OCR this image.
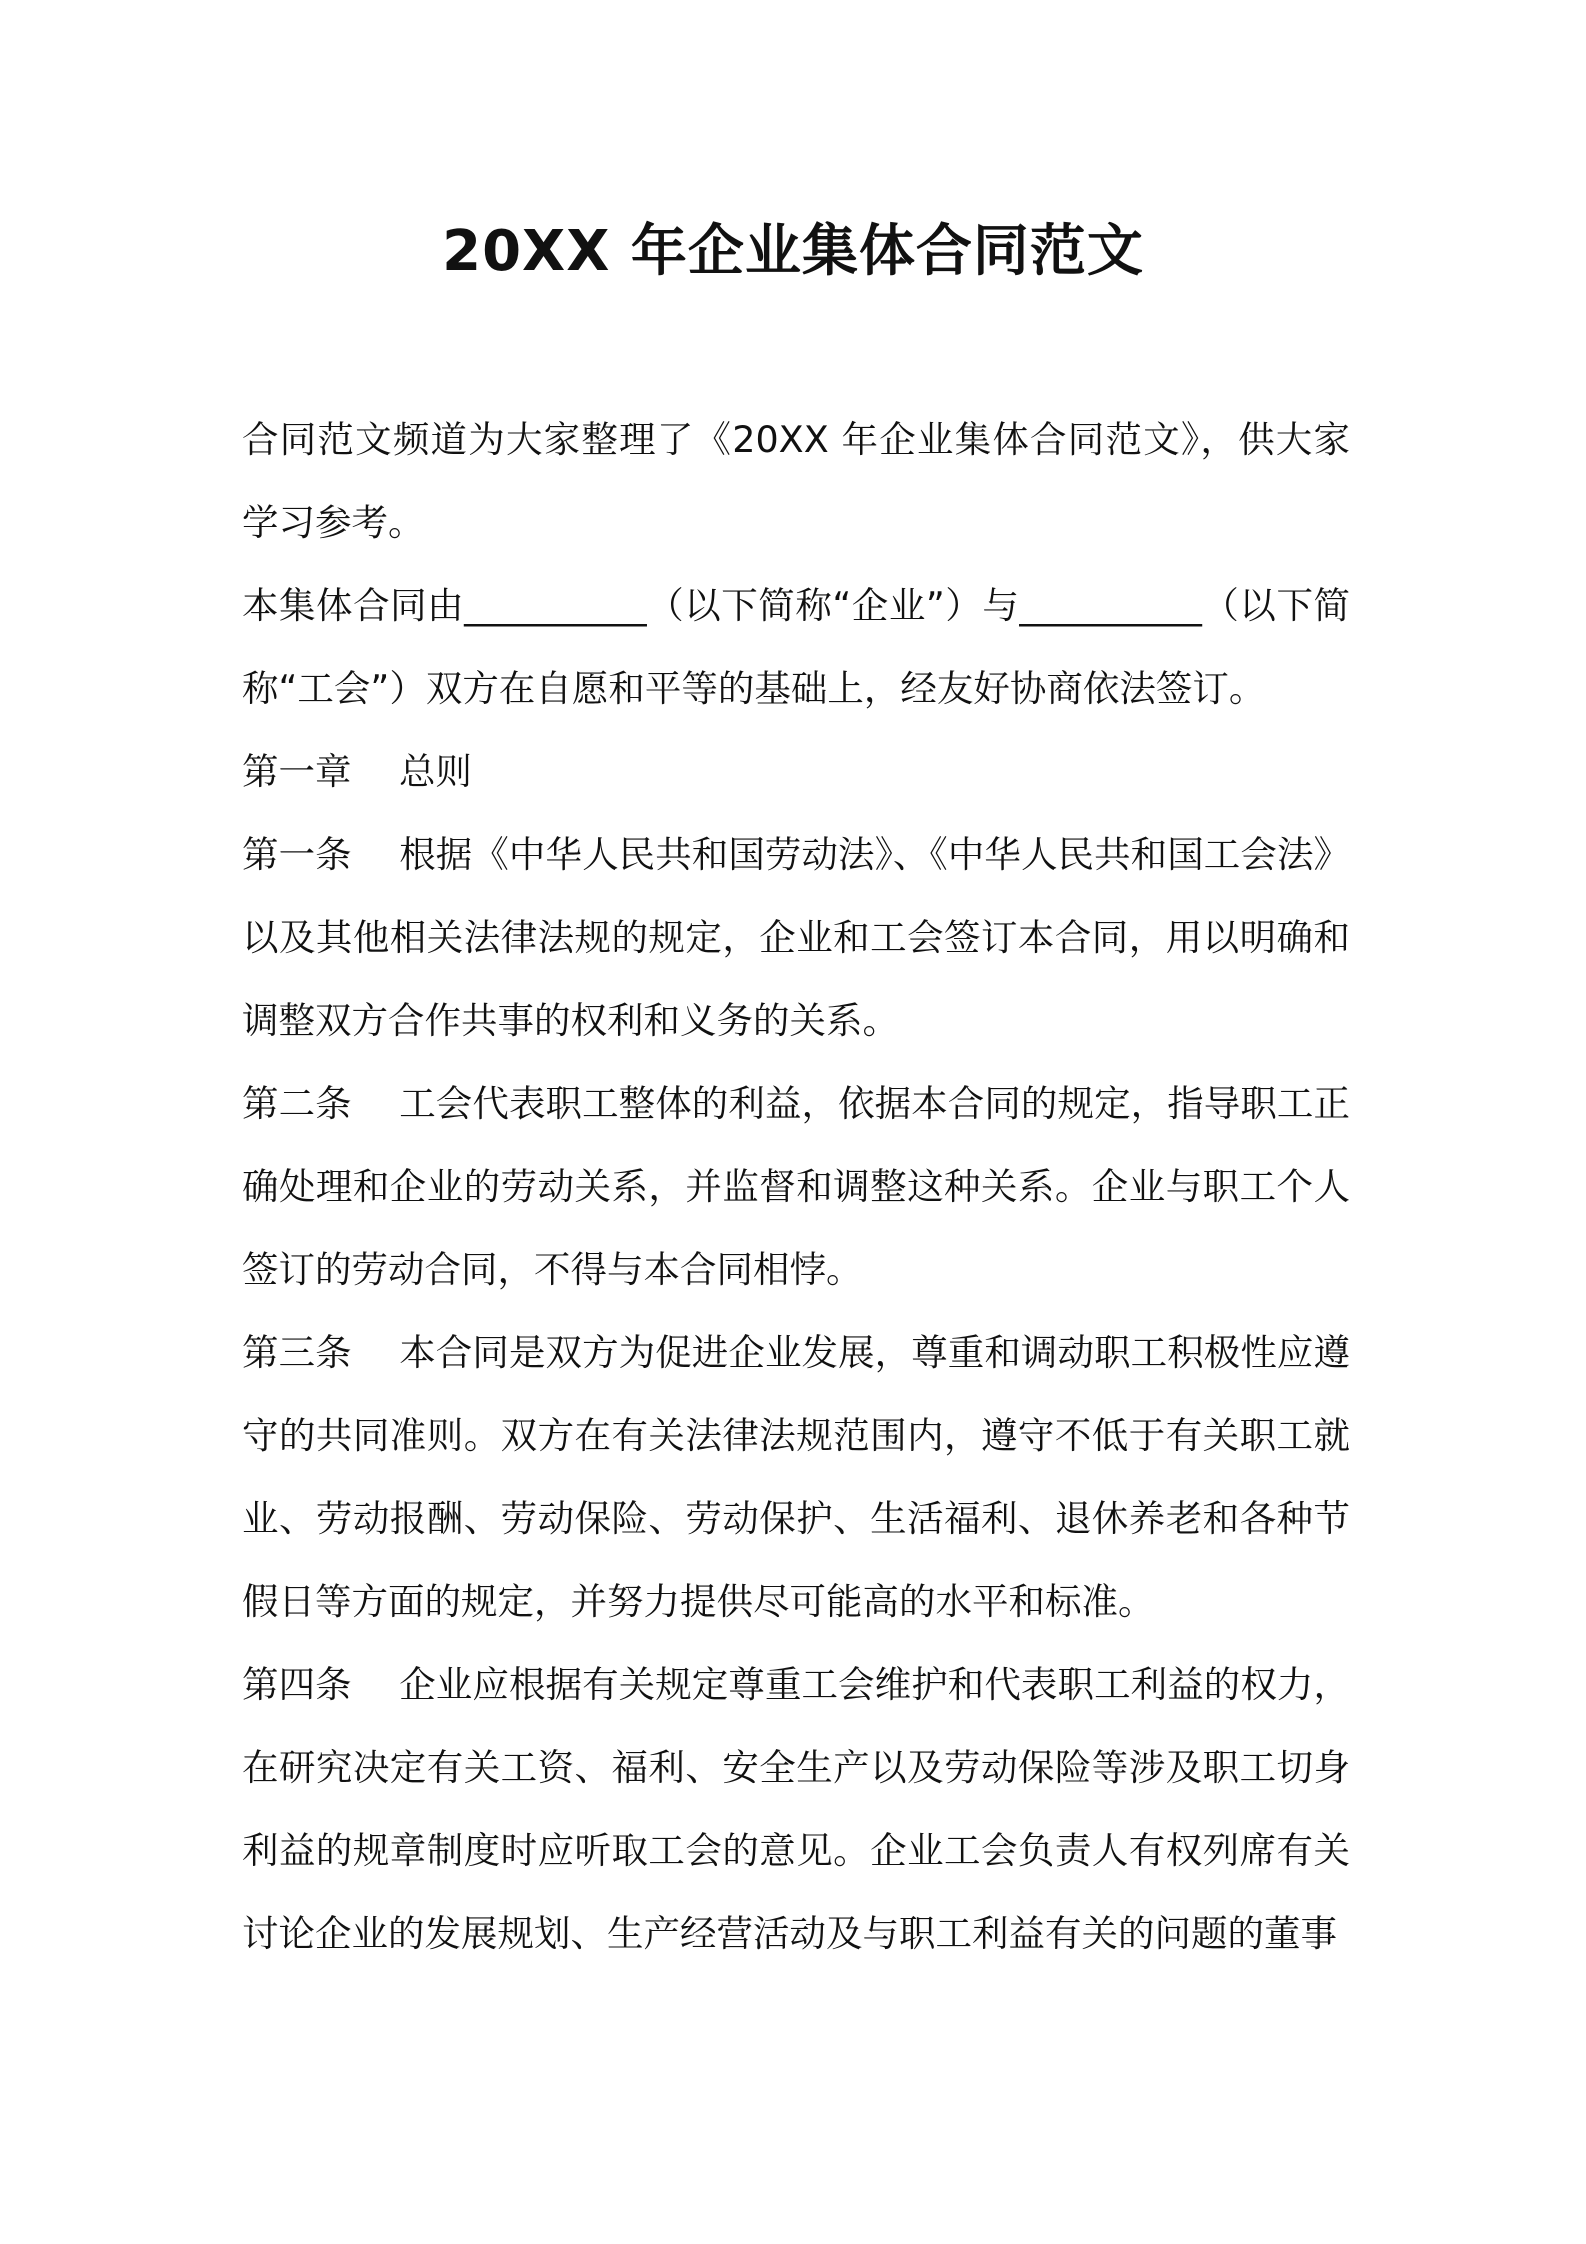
20XX 年企业集体合同范文

合同范文频道为大家整理了《20XX 年企业集体合同范文》，供大家学习参考。

本集体合同由__________（以下简称“企业”）与__________（以下简称“工会”）双方在自愿和平等的基础上，经友好协商依法签订。

第一章 总则

第一条 根据《中华人民共和国劳动法》、《中华人民共和国工会法》以及其他相关法律法规的规定，企业和工会签订本合同，用以明确和调整双方合作共事的权利和义务的关系。

第二条 工会代表职工整体的利益，依据本合同的规定，指导职工正确处理和企业的劳动关系，并监督和调整这种关系。企业与职工个人签订的劳动合同，不得与本合同相悖。

第三条 本合同是双方为促进企业发展，尊重和调动职工积极性应遵守的共同准则。双方在有关法律法规范围内，遵守不低于有关职工就业、劳动报酬、劳动保险、劳动保护、生活福利、退休养老和各种节假日等方面的规定，并努力提供尽可能高的水平和标准。

第四条 企业应根据有关规定尊重工会维护和代表职工利益的权力，在研究决定有关工资、福利、安全生产以及劳动保险等涉及职工切身利益的规章制度时应听取工会的意见。企业工会负责人有权列席有关讨论企业的发展规划、生产经营活动及与职工利益有关的问题的董事
